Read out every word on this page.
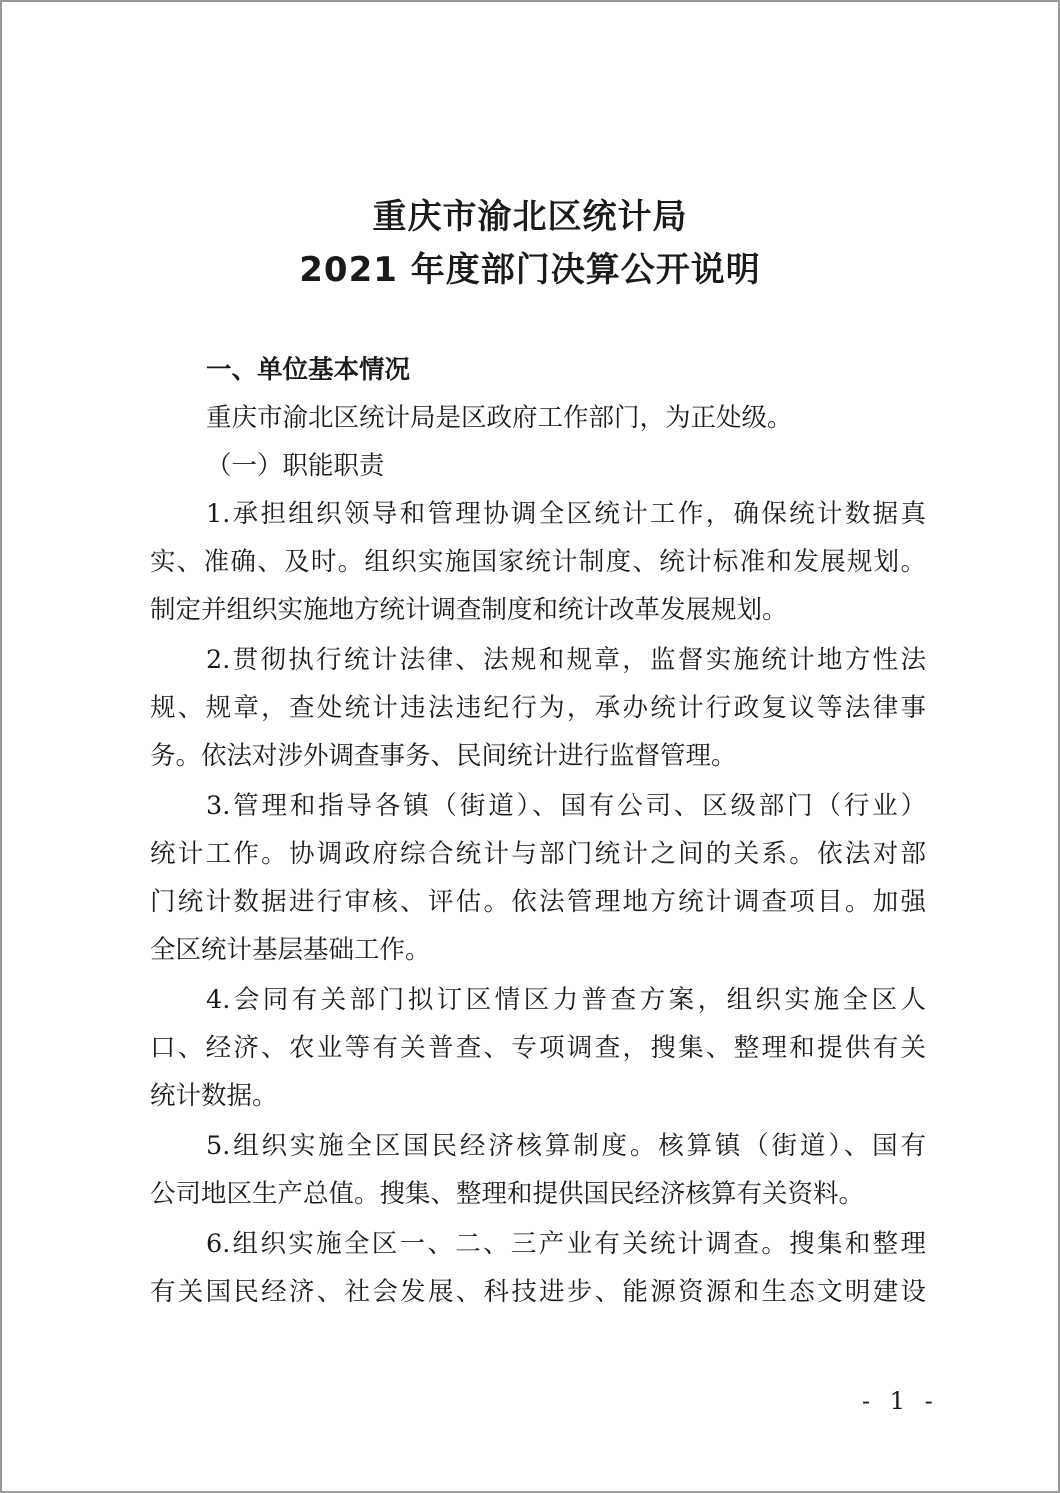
重庆市渝北区统计局
2021 年度部门决算公开说明
一、单位基本情况
重庆市渝北区统计局是区政府工作部门，为正处级。
（一）职能职责
1.承担组织领导和管理协调全区统计工作，确保统计数据真
实、准确、及时。组织实施国家统计制度、统计标准和发展规划。
制定并组织实施地方统计调查制度和统计改革发展规划。
2.贯彻执行统计法律、法规和规章，监督实施统计地方性法
规、规章，查处统计违法违纪行为，承办统计行政复议等法律事
务。依法对涉外调查事务、民间统计进行监督管理。
3.管理和指导各镇（街道）、国有公司、区级部门（行业）
统计工作。协调政府综合统计与部门统计之间的关系。依法对部
门统计数据进行审核、评估。依法管理地方统计调查项目。加强
全区统计基层基础工作。
4.会同有关部门拟订区情区力普查方案，组织实施全区人
口、经济、农业等有关普查、专项调查，搜集、整理和提供有关
统计数据。
5.组织实施全区国民经济核算制度。核算镇（街道）、国有
公司地区生产总值。搜集、整理和提供国民经济核算有关资料。
6.组织实施全区一、二、三产业有关统计调查。搜集和整理
有关国民经济、社会发展、科技进步、能源资源和生态文明建设
- 1 -
